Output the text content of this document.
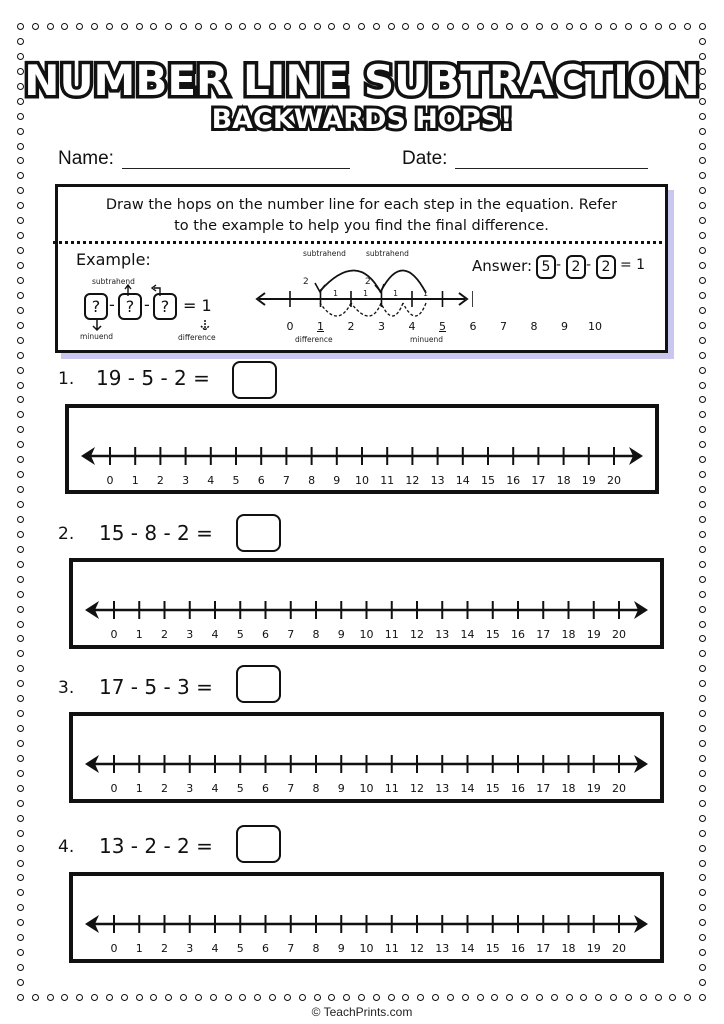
NUMBER LINE SUBTRACTION
BACKWARDS HOPS!
Name:	Date:
Draw the hops on the number line for each step in the equation. Refer
to the example to help you find the final difference.
Example:
subtrahend
? - ? - ? = 1
minuend	difference
0 1 2 3 4 5 6 7 8 9 10
subtrahend	subtrahend
2	2
1	1	1	1
difference	minuend
Answer: 5 - 2 - 2 = 1
1. 19 - 5 - 2 =
0 1 2 3 4 5 6 7 8 9 10 11 12 13 14 15 16 17 18 19 20
2. 15 - 8 - 2 =
0 1 2 3 4 5 6 7 8 9 10 11 12 13 14 15 16 17 18 19 20
3. 17 - 5 - 3 =
0 1 2 3 4 5 6 7 8 9 10 11 12 13 14 15 16 17 18 19 20
4. 13 - 2 - 2 =
0 1 2 3 4 5 6 7 8 9 10 11 12 13 14 15 16 17 18 19 20
© TeachPrints.com
